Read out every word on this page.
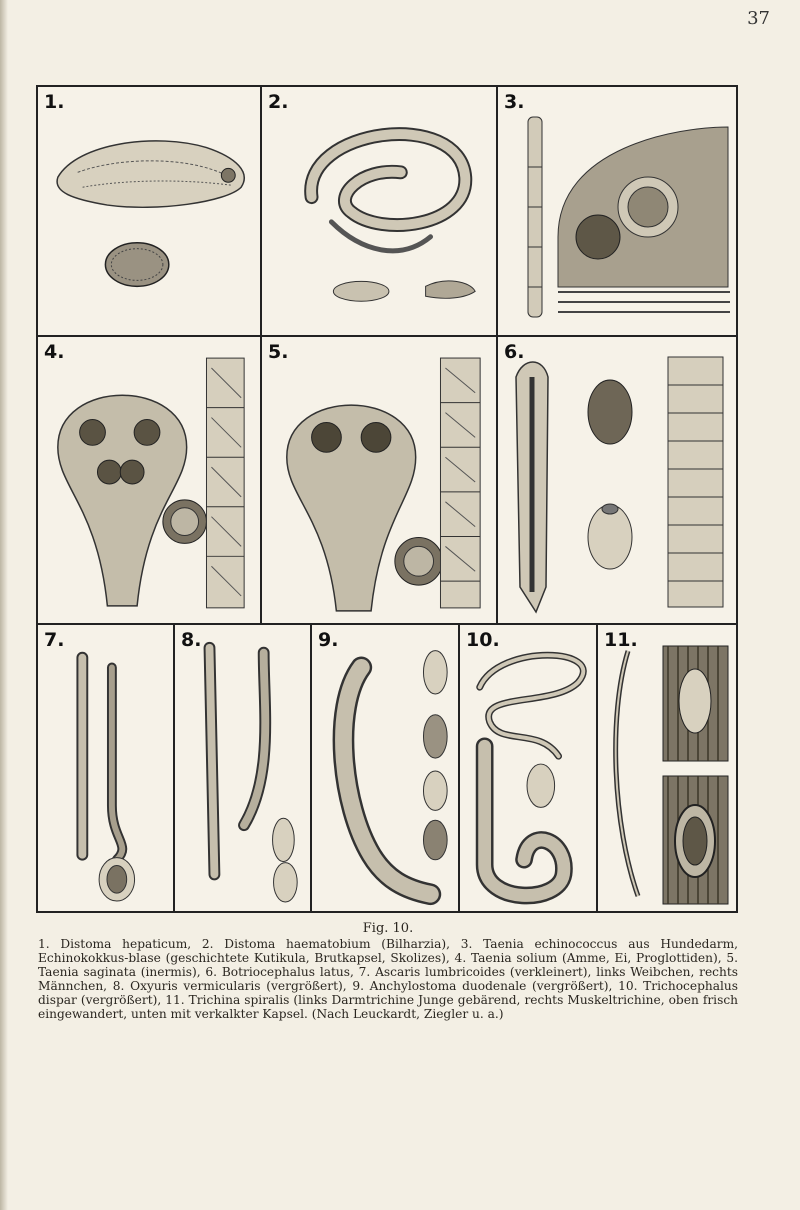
37
1.	2.	3.
4.	5.	6.
7.	8.	9.	10.	11.
Fig. 10.
1. Distoma hepaticum, 2. Distoma haematobium (Bilharzia), 3. Taenia echinococcus aus Hundedarm, Echinokokkus-blase (geschichtete Kutikula, Brutkapsel, Skolizes), 4. Taenia solium (Amme, Ei, Proglottiden), 5. Taenia saginata (inermis), 6. Botriocephalus latus, 7. Ascaris lumbricoides (verkleinert), links Weibchen, rechts Männchen, 8. Oxyuris vermicularis (vergrößert), 9. Anchylostoma duodenale (vergrößert), 10. Trichocephalus dispar (vergrößert), 11. Trichina spiralis (links Darmtrichine Junge gebärend, rechts Muskeltrichine, oben frisch eingewandert, unten mit verkalkter Kapsel. (Nach Leuckardt, Ziegler u. a.)
